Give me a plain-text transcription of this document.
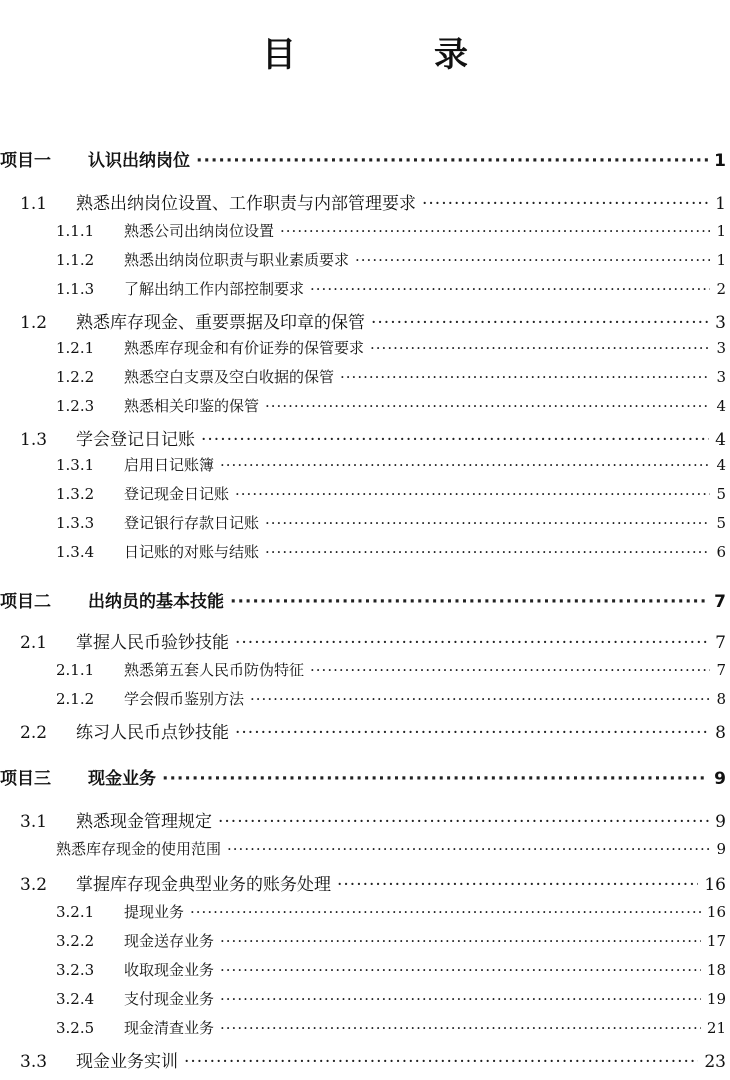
目　录
项目一	认识出纳岗位 ·····	1
1.1	熟悉出纳岗位设置、工作职责与内部管理要求 ·····	1
1.1.1	熟悉公司出纳岗位设置 ·····	1
1.1.2	熟悉出纳岗位职责与职业素质要求 ·····	1
1.1.3	了解出纳工作内部控制要求 ·····	2
1.2	熟悉库存现金、重要票据及印章的保管 ·····	3
1.2.1	熟悉库存现金和有价证券的保管要求 ·····	3
1.2.2	熟悉空白支票及空白收据的保管 ·····	3
1.2.3	熟悉相关印鉴的保管 ·····	4
1.3	学会登记日记账 ·····	4
1.3.1	启用日记账簿 ·····	4
1.3.2	登记现金日记账 ·····	5
1.3.3	登记银行存款日记账 ·····	5
1.3.4	日记账的对账与结账 ·····	6
项目二	出纳员的基本技能 ·····	7
2.1	掌握人民币验钞技能 ·····	7
2.1.1	熟悉第五套人民币防伪特征 ·····	7
2.1.2	学会假币鉴别方法 ·····	8
2.2	练习人民币点钞技能 ·····	8
项目三	现金业务 ·····	9
3.1	熟悉现金管理规定 ·····	9
熟悉库存现金的使用范围 ·····	9
3.2	掌握库存现金典型业务的账务处理 ·····	16
3.2.1	提现业务 ·····	16
3.2.2	现金送存业务 ·····	17
3.2.3	收取现金业务 ·····	18
3.2.4	支付现金业务 ·····	19
3.2.5	现金清查业务 ·····	21
3.3	现金业务实训 ·····	23
